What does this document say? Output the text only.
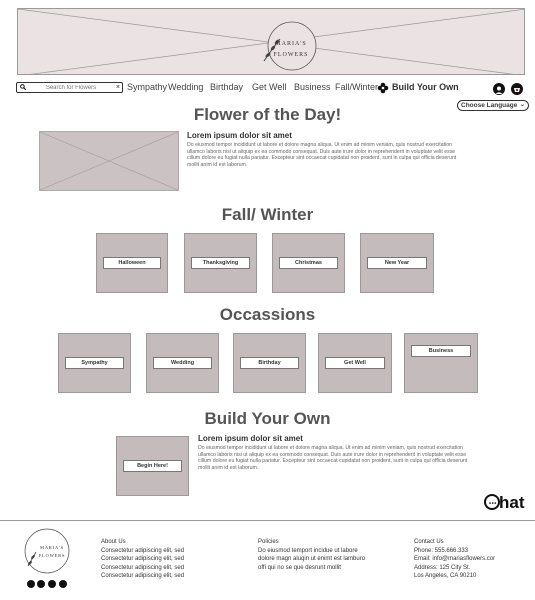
MARIA'S
FLOWERS
Search for Flowers
× Sympathy Wedding Birthday Get Well Business Fall/Winter Build Your Own
Choose Language ⌄
Flower of the Day!
Lorem ipsum dolor sit amet
Do eiusmod tempor incididunt ut labore et dolore magna aliqua. Ut enim ad minim veniam, quis nostrud exercitation ullamco laboris nisi ut aliquip ex ea commodo consequat. Duis aute irure dolor in reprehenderit in voluptate velit esse cillum dolore eu fugiat nulla pariatur. Excepteur sint occaecat cupidatat non proident, sunt in culpa qui officia deserunt mollit anim id est laborum.
Fall/ Winter
Halloween	Thanksgiving	Christmas	New Year
Occassions
Sympathy	Wedding	Birthday	Get Well
Business
Build Your Own
Begin Here!
Lorem ipsum dolor sit amet
Do eiusmod tempor incididunt ut labore et dolore magna aliqua. Ut enim ad minim veniam, quis nostrud exercitation ullamco laboris nisi ut aliquip ex ea commodo consequat. Duis aute irure dolor in reprehenderit in voluptate velit esse cillum dolore eu fugiat nulla pariatur. Excepteur sint occaecat cupidatat non proident, sunt in culpa qui officia deserunt mollit anim id est laborum.
••• hat
MARIA'S
FLOWERS
About Us
Consectetur adipiscing elit, sed
Consectetur adipiscing elit, sed
Consectetur adipiscing elit, sed
Consectetur adipiscing elit, sed
Policies
Do eiusmod temport incidue ut labore
dolore magn aluqin ut enimt est lamburo
offi qui no se que desrunt mollit
Contact Us
Phone: 555.666.333
Email: info@mariasflowers.cor
Address: 125 City St.
Los Angeles, CA 90210
